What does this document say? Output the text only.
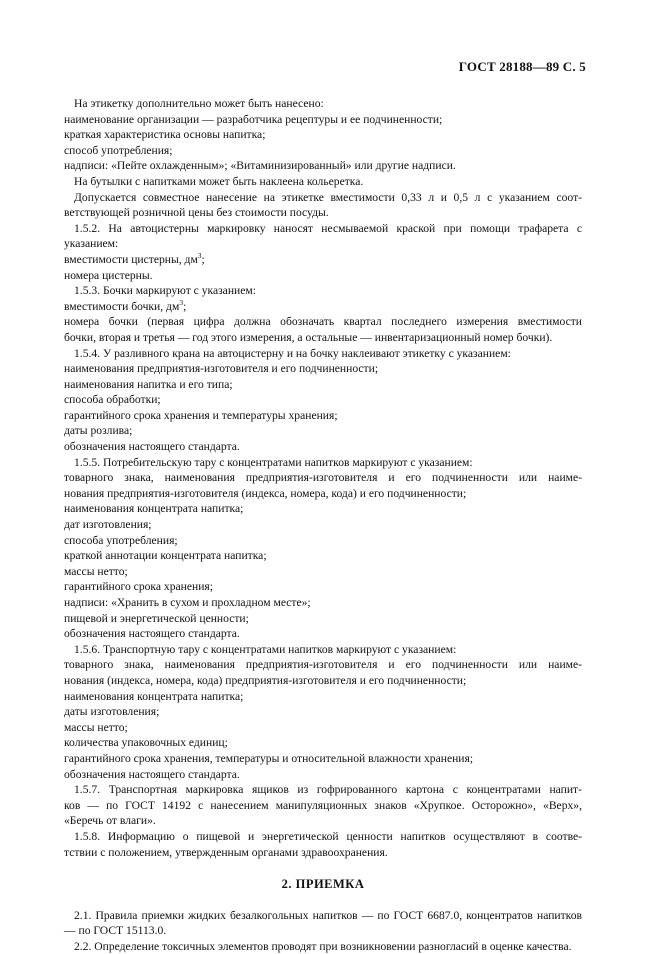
ГОСТ 28188—89 С. 5
На этикетку дополнительно может быть нанесено:
наименование организации — разработчика рецептуры и ее подчиненности;
краткая характеристика основы напитка;
способ употребления;
надписи: «Пейте охлажденным»; «Витаминизированный» или другие надписи.
На бутылки с напитками может быть наклеена кольеретка.
Допускается совместное нанесение на этикетке вместимости 0,33 л и 0,5 л с указанием соот-
ветствующей розничной цены без стоимости посуды.
1.5.2. На автоцистерны маркировку наносят несмываемой краской при помощи трафарета с
указанием:
вместимости цистерны, $дм^3$;
номера цистерны.
1.5.3. Бочки маркируют с указанием:
вместимости бочки, $дм^3$;
номера бочки (первая цифра должна обозначать квартал последнего измерения вместимости
бочки, вторая и третья — год этого измерения, а остальные — инвентаризационный номер бочки).
1.5.4. У разливного крана на автоцистерну и на бочку наклеивают этикетку с указанием:
наименования предприятия-изготовителя и его подчиненности;
наименования напитка и его типа;
способа обработки;
гарантийного срока хранения и температуры хранения;
даты розлива;
обозначения настоящего стандарта.
1.5.5. Потребительскую тару с концентратами напитков маркируют с указанием:
товарного знака, наименования предприятия-изготовителя и его подчиненности или наиме-
нования предприятия-изготовителя (индекса, номера, кода) и его подчиненности;
наименования концентрата напитка;
дат изготовления;
способа употребления;
краткой аннотации концентрата напитка;
массы нетто;
гарантийного срока хранения;
надписи: «Хранить в сухом и прохладном месте»;
пищевой и энергетической ценности;
обозначения настоящего стандарта.
1.5.6. Транспортную тару с концентратами напитков маркируют с указанием:
товарного знака, наименования предприятия-изготовителя и его подчиненности или наиме-
нования (индекса, номера, кода) предприятия-изготовителя и его подчиненности;
наименования концентрата напитка;
даты изготовления;
массы нетто;
количества упаковочных единиц;
гарантийного срока хранения, температуры и относительной влажности хранения;
обозначения настоящего стандарта.
1.5.7. Транспортная маркировка ящиков из гофрированного картона с концентратами напит-
ков — по ГОСТ 14192 с нанесением манипуляционных знаков «Хрупкое. Осторожно», «Верх»,
«Беречь от влаги».
1.5.8. Информацию о пищевой и энергетической ценности напитков осуществляют в соотве-
тствии с положением, утвержденным органами здравоохранения.
2. ПРИЕМКА
2.1. Правила приемки жидких безалкогольных напитков — по ГОСТ 6687.0, концентратов напитков — по ГОСТ 15113.0.
2.2. Определение токсичных элементов проводят при возникновении разногласий в оценке качества.
